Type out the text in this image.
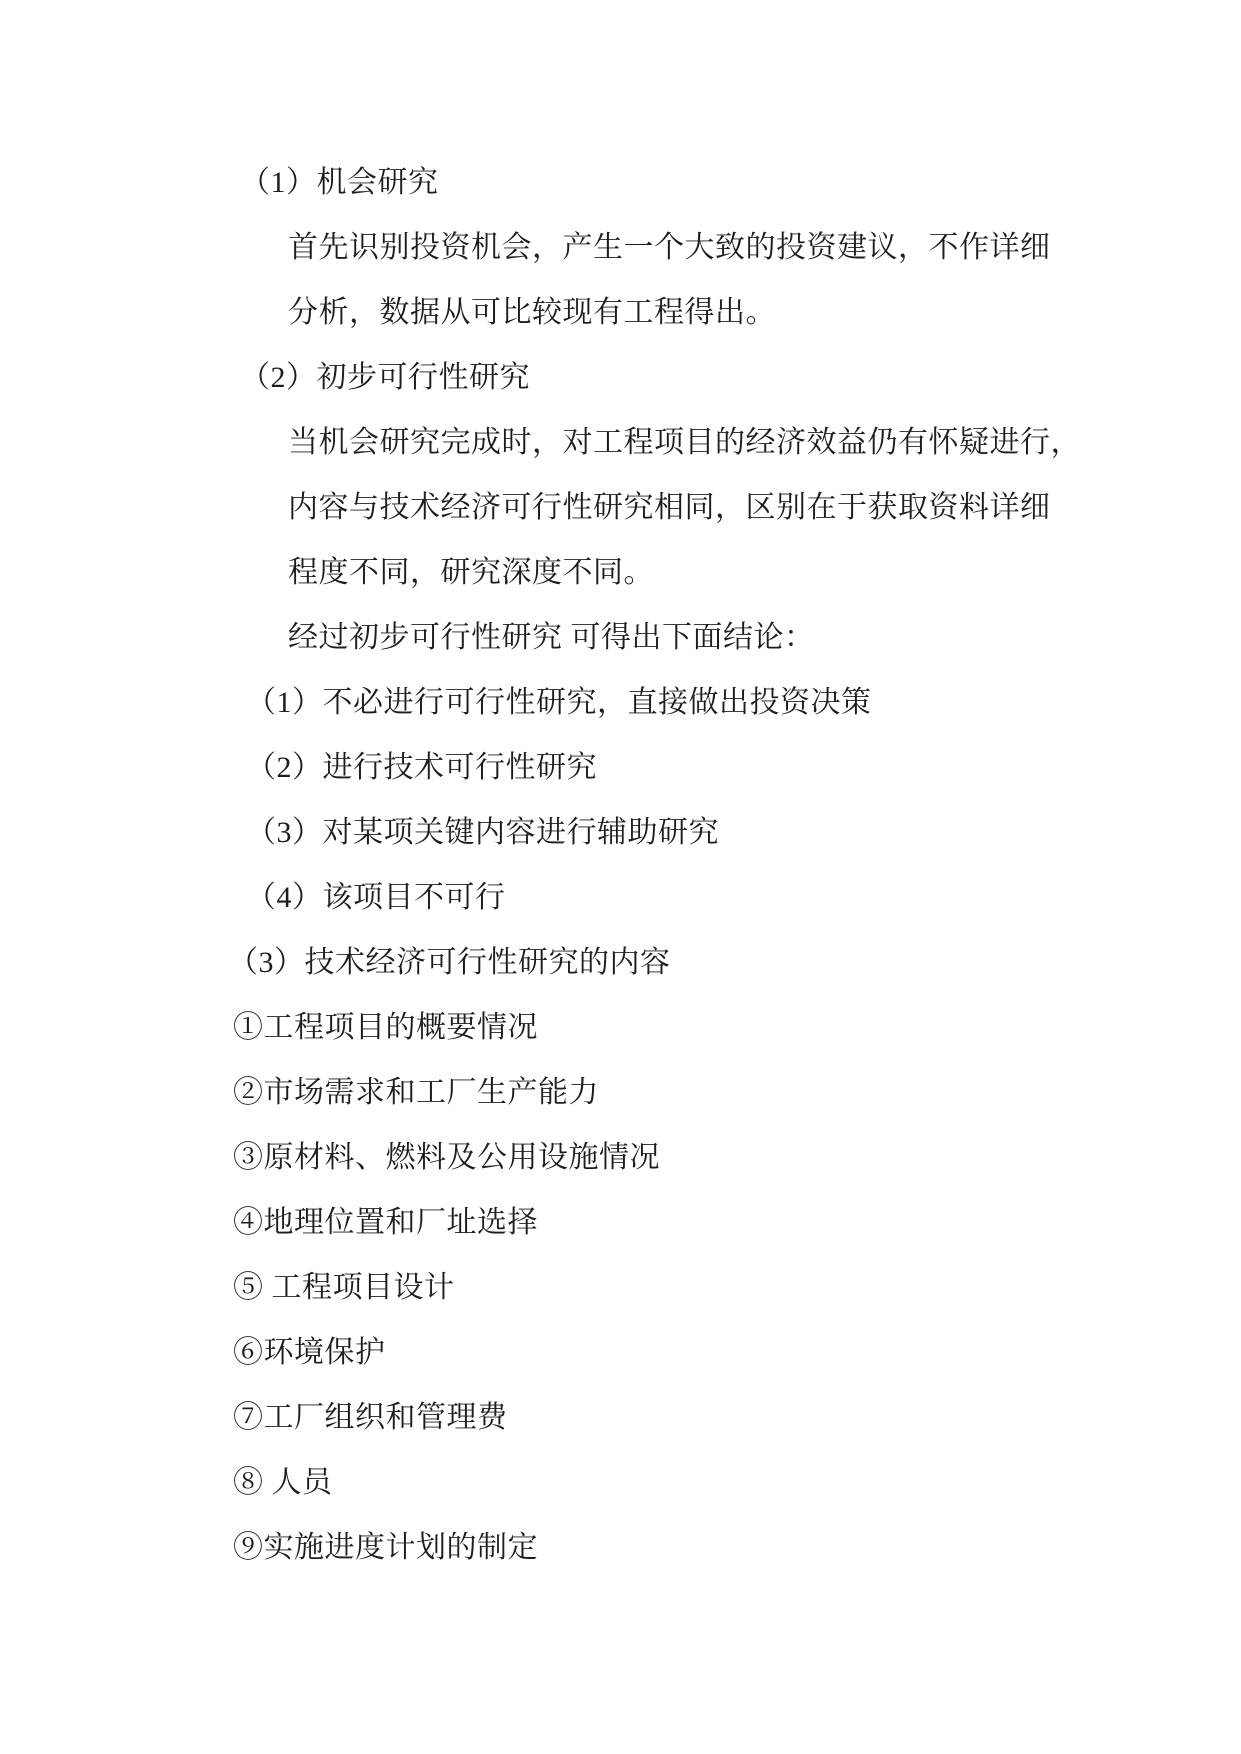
（1）机会研究
首先识别投资机会，产生一个大致的投资建议，不作详细
分析，数据从可比较现有工程得出。
（2）初步可行性研究
当机会研究完成时，对工程项目的经济效益仍有怀疑进行，
内容与技术经济可行性研究相同，区别在于获取资料详细
程度不同，研究深度不同。
经过初步可行性研究 可得出下面结论：
（1）不必进行可行性研究，直接做出投资决策
（2）进行技术可行性研究
（3）对某项关键内容进行辅助研究
（4）该项目不可行
（3）技术经济可行性研究的内容
①工程项目的概要情况
②市场需求和工厂生产能力
③原材料、燃料及公用设施情况
④地理位置和厂址选择
⑤ 工程项目设计
⑥环境保护
⑦工厂组织和管理费
⑧ 人员
⑨实施进度计划的制定
